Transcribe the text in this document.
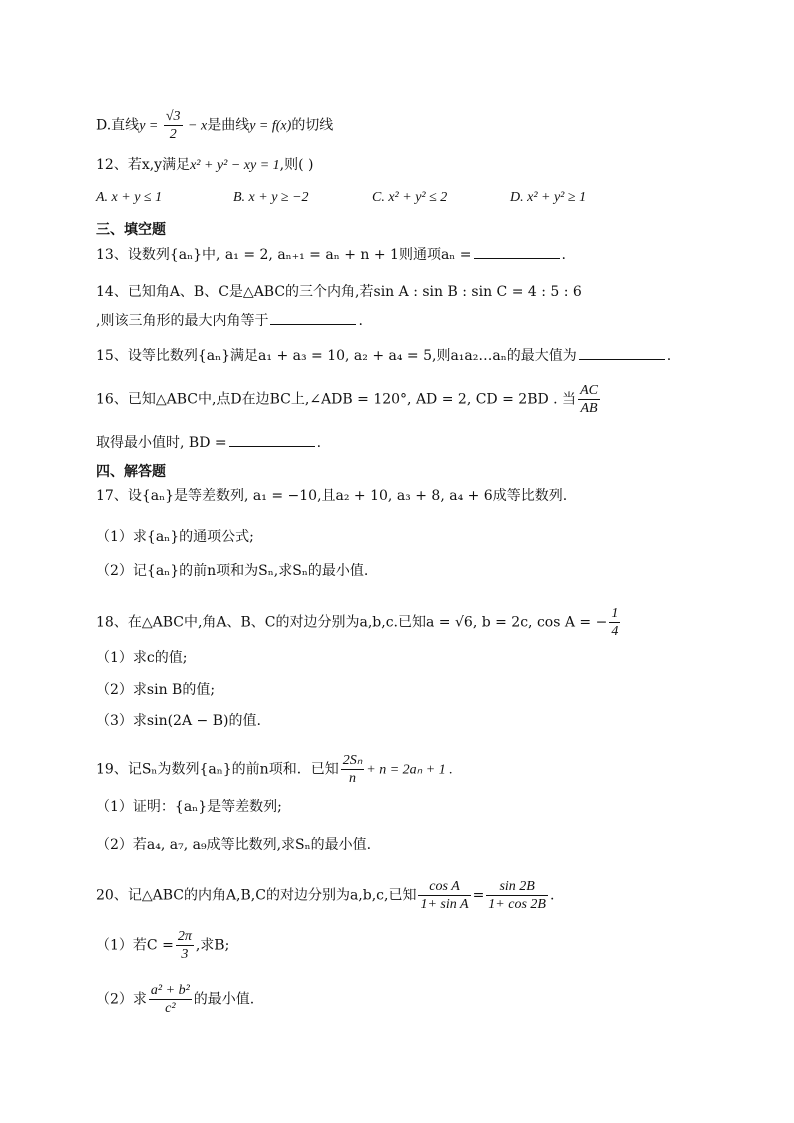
D.直线$y = \frac{√3}{2} - x$是曲线y = f(x)的切线
12、若x,y满足x² + y² − xy = 1,则( )
A. x + y ≤ 1	B. x + y ≥ −2	C. x² + y² ≤ 2	D. x² + y² ≥ 1
三、填空题
13、设数列{aₙ}中, a₁ = 2, aₙ₊₁ = aₙ + n + 1则通项aₙ =	.
14、已知角A、B、C是△ABC的三个内角,若sin A : sin B : sin C = 4 : 5 : 6
,则该三角形的最大内角等于	.
15、设等比数列{aₙ}满足a₁ + a₃ = 10, a₂ + a₄ = 5,则a₁a₂…aₙ的最大值为	.
16、已知△ABC中,点D在边BC上,∠ADB = 120°, AD = 2, CD = 2BD . 当 $\frac{AC}{AB}$
取得最小值时, BD =	.
四、解答题
17、设{aₙ}是等差数列, a₁ = −10,且a₂ + 10, a₃ + 8, a₄ + 6成等比数列.
（1）求{aₙ}的通项公式;
（2）记{aₙ}的前n项和为Sₙ,求Sₙ的最小值.
18、在△ABC中,角A、B、C的对边分别为a,b,c.已知a = √6, b = 2c, cos A = − $\frac{1}{4}$
（1）求c的值;
（2）求sin B的值;
（3）求sin(2A − B)的值.
19、记Sₙ为数列{aₙ}的前n项和．已知 $\frac{\text{2Sₙ}}{n} + n = 2a_n + 1$ .
（1）证明：{aₙ}是等差数列;
（2）若a₄, a₇, a₉成等比数列,求Sₙ的最小值.
20、记△ABC的内角A,B,C的对边分别为a,b,c,已知 $\frac{\text{cos A}}{\text{1+ sin A}} = \frac{\sin 2B}{1+ \cos 2B}$ .
（1）若$C = \frac{2\pi}{3}$ ,求B;
（2）求 $\frac{\text{a² + b²}}{\text{c²}}$ 的最小值.
